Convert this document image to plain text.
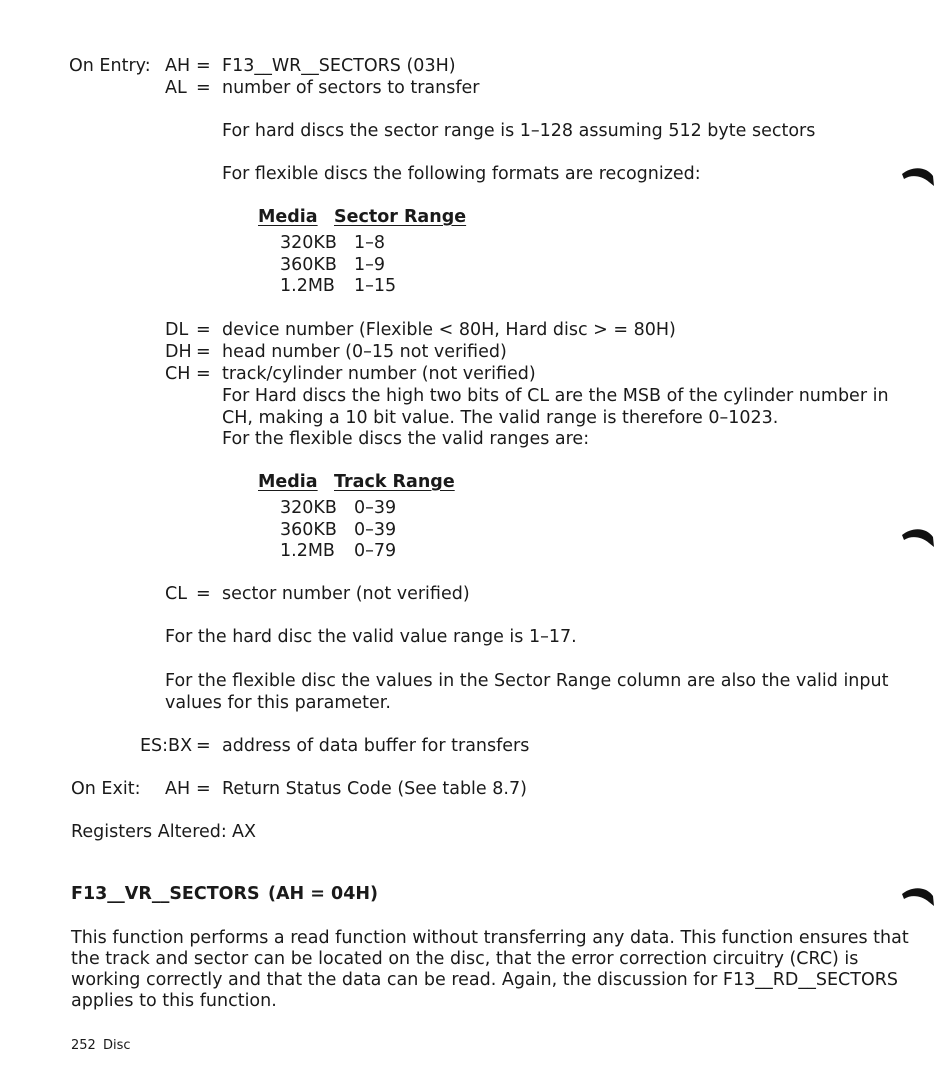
On Entry: AH = F13__WR__SECTORS (03H)
AL = number of sectors to transfer
For hard discs the sector range is 1–128 assuming 512 byte sectors
For flexible discs the following formats are recognized:
Media Sector Range
320KB 1–8
360KB 1–9
1.2MB 1–15
DL = device number (Flexible < 80H, Hard disc > = 80H)
DH = head number (0–15 not verified)
CH = track/cylinder number (not verified)
For Hard discs the high two bits of CL are the MSB of the cylinder number in
CH, making a 10 bit value. The valid range is therefore 0–1023.
For the flexible discs the valid ranges are:
Media Track Range
320KB 0–39
360KB 0–39
1.2MB 0–79
CL = sector number (not verified)
For the hard disc the valid value range is 1–17.
For the flexible disc the values in the Sector Range column are also the valid input
values for this parameter.
ES:BX = address of data buffer for transfers
On Exit: AH = Return Status Code (See table 8.7)
Registers Altered: AX
F13__VR__SECTORS (AH = 04H)
This function performs a read function without transferring any data. This function ensures that
the track and sector can be located on the disc, that the error correction circuitry (CRC) is
working correctly and that the data can be read. Again, the discussion for F13__RD__SECTORS
applies to this function.
252 Disc
